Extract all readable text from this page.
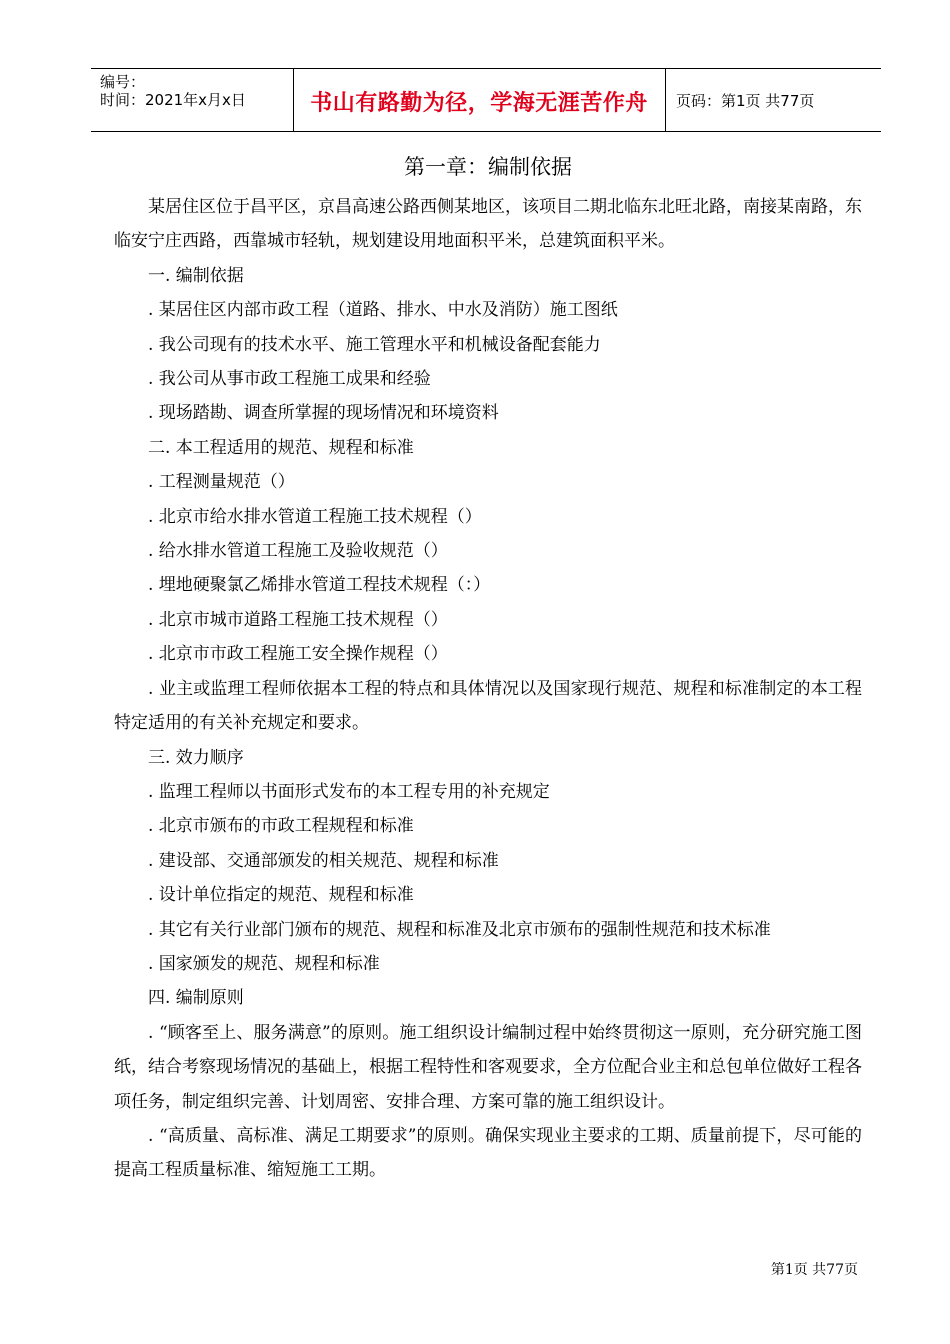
编号：
时间：2021年x月x日	书山有路勤为径，学海无涯苦作舟	页码：第1页 共77页
第一章：编制依据

某居住区位于昌平区，京昌高速公路西侧某地区，该项目二期北临东北旺北路，南接某南路，东临安宁庄西路，西靠城市轻轨，规划建设用地面积平米，总建筑面积平米。

一. 编制依据

. 某居住区内部市政工程（道路、排水、中水及消防）施工图纸

. 我公司现有的技术水平、施工管理水平和机械设备配套能力

. 我公司从事市政工程施工成果和经验

. 现场踏勘、调查所掌握的现场情况和环境资料

二. 本工程适用的规范、规程和标准

. 工程测量规范（）

. 北京市给水排水管道工程施工技术规程（）

. 给水排水管道工程施工及验收规范（）

. 埋地硬聚氯乙烯排水管道工程技术规程（：）

. 北京市城市道路工程施工技术规程（）

. 北京市市政工程施工安全操作规程（）

. 业主或监理工程师依据本工程的特点和具体情况以及国家现行规范、规程和标准制定的本工程特定适用的有关补充规定和要求。

三. 效力顺序

. 监理工程师以书面形式发布的本工程专用的补充规定

. 北京市颁布的市政工程规程和标准

. 建设部、交通部颁发的相关规范、规程和标准

. 设计单位指定的规范、规程和标准

. 其它有关行业部门颁布的规范、规程和标准及北京市颁布的强制性规范和技术标准

. 国家颁发的规范、规程和标准

四. 编制原则

. “顾客至上、服务满意”的原则。施工组织设计编制过程中始终贯彻这一原则，充分研究施工图纸，结合考察现场情况的基础上，根据工程特性和客观要求，全方位配合业主和总包单位做好工程各项任务，制定组织完善、计划周密、安排合理、方案可靠的施工组织设计。

. “高质量、高标准、满足工期要求”的原则。确保实现业主要求的工期、质量前提下，尽可能的提高工程质量标准、缩短施工工期。

第1页 共77页
